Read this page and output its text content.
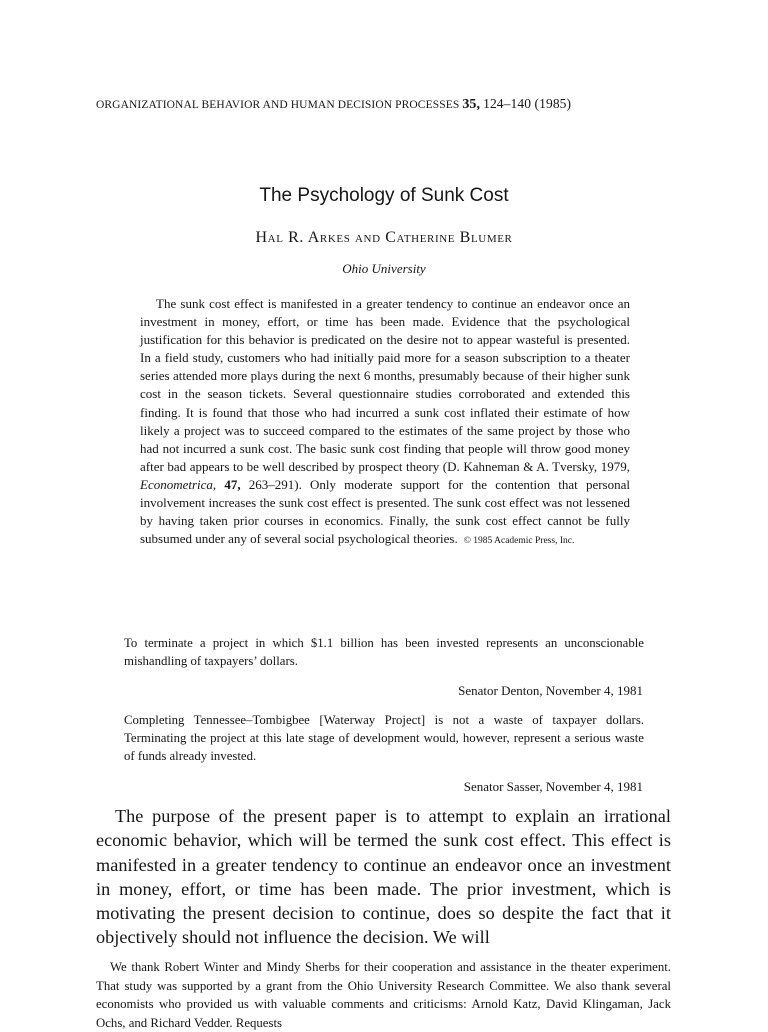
ORGANIZATIONAL BEHAVIOR AND HUMAN DECISION PROCESSES 35, 124–140 (1985)
The Psychology of Sunk Cost
Hal R. Arkes and Catherine Blumer
Ohio University

The sunk cost effect is manifested in a greater tendency to continue an endeavor once an investment in money, effort, or time has been made. Evidence that the psychological justification for this behavior is predicated on the desire not to appear wasteful is presented. In a field study, customers who had initially paid more for a season subscription to a theater series attended more plays during the next 6 months, presumably because of their higher sunk cost in the season tickets. Several questionnaire studies corroborated and extended this finding. It is found that those who had incurred a sunk cost inflated their estimate of how likely a project was to succeed compared to the estimates of the same project by those who had not incurred a sunk cost. The basic sunk cost finding that people will throw good money after bad appears to be well described by prospect theory (D. Kahneman & A. Tversky, 1979, Econometrica, 47, 263–291). Only moderate support for the contention that personal involvement increases the sunk cost effect is presented. The sunk cost effect was not lessened by having taken prior courses in economics. Finally, the sunk cost effect cannot be fully subsumed under any of several social psychological theories. © 1985 Academic Press, Inc.

To terminate a project in which $1.1 billion has been invested represents an unconscionable mishandling of taxpayers’ dollars.

Senator Denton, November 4, 1981

Completing Tennessee–Tombigbee [Waterway Project] is not a waste of taxpayer dollars. Terminating the project at this late stage of development would, however, represent a serious waste of funds already invested.

Senator Sasser, November 4, 1981

The purpose of the present paper is to attempt to explain an irrational economic behavior, which will be termed the sunk cost effect. This effect is manifested in a greater tendency to continue an endeavor once an investment in money, effort, or time has been made. The prior investment, which is motivating the present decision to continue, does so despite the fact that it objectively should not influence the decision. We will

We thank Robert Winter and Mindy Sherbs for their cooperation and assistance in the theater experiment. That study was supported by a grant from the Ohio University Research Committee. We also thank several economists who provided us with valuable comments and criticisms: Arnold Katz, David Klingaman, Jack Ochs, and Richard Vedder. Requests
